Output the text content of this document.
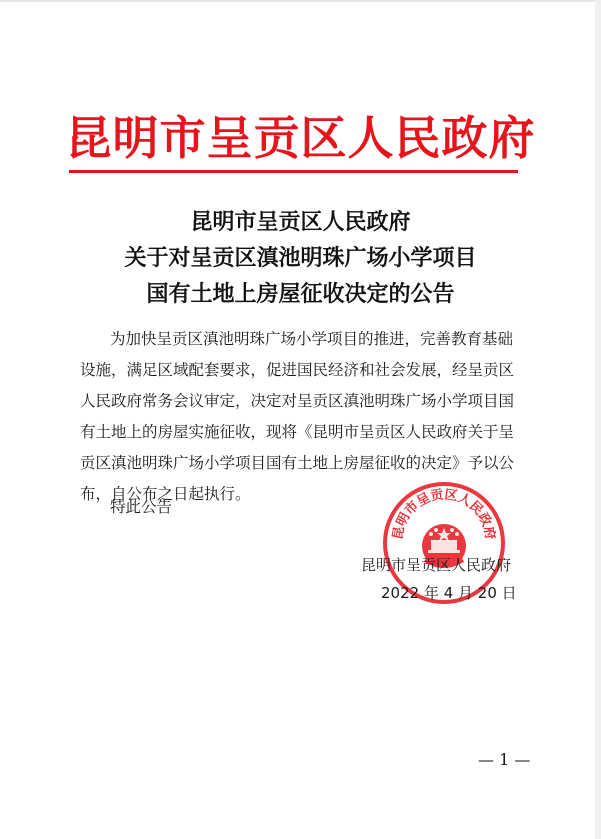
昆明市呈贡区人民政府
昆明市呈贡区人民政府
关于对呈贡区滇池明珠广场小学项目
国有土地上房屋征收决定的公告
为加快呈贡区滇池明珠广场小学项目的推进，完善教育基础
设施，满足区域配套要求，促进国民经济和社会发展，经呈贡区
人民政府常务会议审定，决定对呈贡区滇池明珠广场小学项目国
有土地上的房屋实施征收，现将《昆明市呈贡区人民政府关于呈
贡区滇池明珠广场小学项目国有土地上房屋征收的决定》予以公
布，自公布之日起执行。
特此公告
昆明市呈贡区人民政府
昆明市呈贡区人民政府
2022 年 4 月 20 日
— 1 —
